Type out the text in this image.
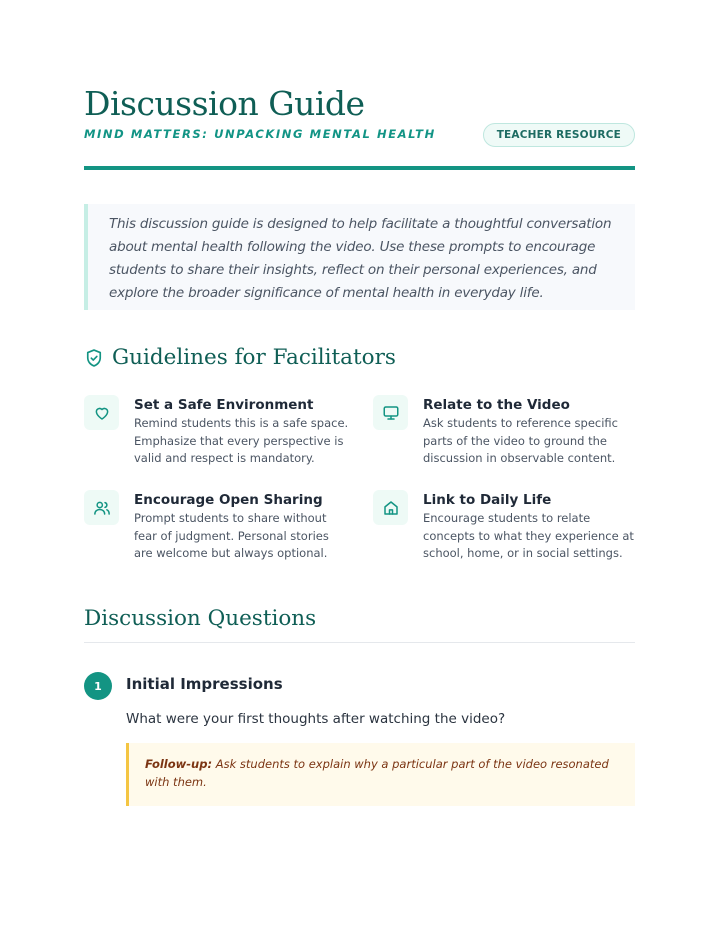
Discussion Guide
MIND MATTERS: UNPACKING MENTAL HEALTH	TEACHER RESOURCE

This discussion guide is designed to help facilitate a thoughtful conversation about mental health following the video. Use these prompts to encourage students to share their insights, reflect on their personal experiences, and explore the broader significance of mental health in everyday life.

Guidelines for Facilitators
Set a Safe Environment
Remind students this is a safe space. Emphasize that every perspective is valid and respect is mandatory.
Relate to the Video
Ask students to reference specific parts of the video to ground the discussion in observable content.
Encourage Open Sharing
Prompt students to share without fear of judgment. Personal stories are welcome but always optional.
Link to Daily Life
Encourage students to relate concepts to what they experience at school, home, or in social settings.
Discussion Questions
1	Initial Impressions
What were your first thoughts after watching the video?
Follow-up: Ask students to explain why a particular part of the video resonated with them.
